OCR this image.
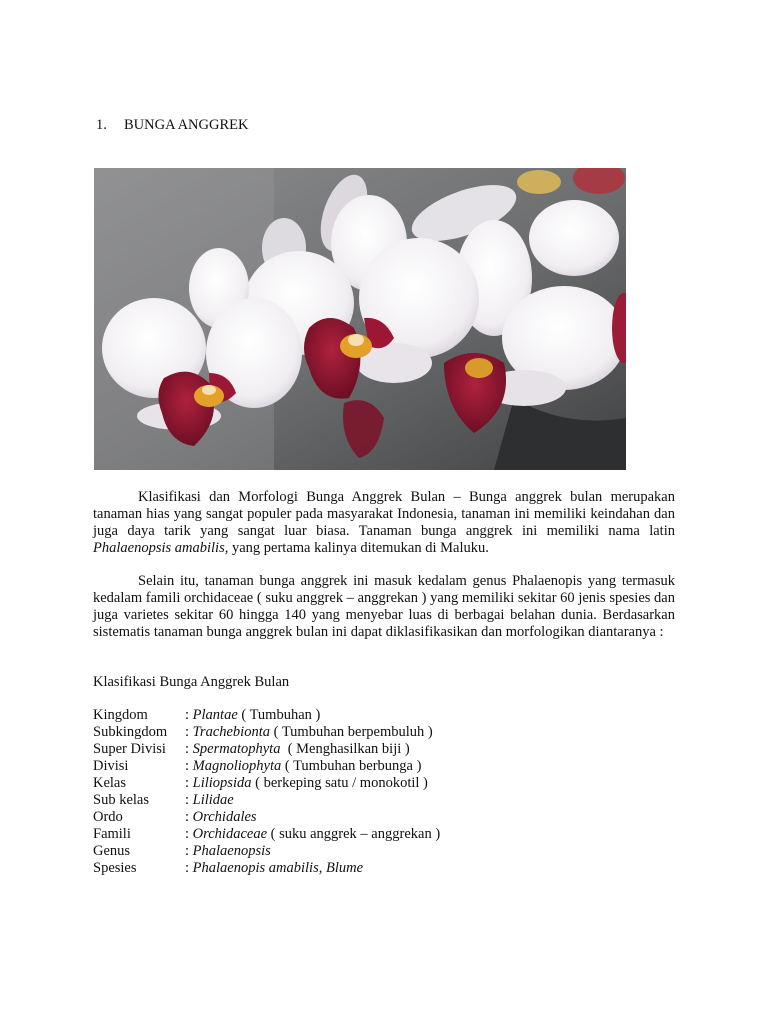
1. BUNGA ANGGREK

Klasifikasi dan Morfologi Bunga Anggrek Bulan – Bunga anggrek bulan merupakan tanaman hias yang sangat populer pada masyarakat Indonesia, tanaman ini memiliki keindahan dan juga daya tarik yang sangat luar biasa. Tanaman bunga anggrek ini memiliki nama latin Phalaenopsis amabilis, yang pertama kalinya ditemukan di Maluku.

Selain itu, tanaman bunga anggrek ini masuk kedalam genus Phalaenopis yang termasuk kedalam famili orchidaceae ( suku anggrek – anggrekan ) yang memiliki sekitar 60 jenis spesies dan juga varietes sekitar 60 hingga 140 yang menyebar luas di berbagai belahan dunia. Berdasarkan sistematis tanaman bunga anggrek bulan ini dapat diklasifikasikan dan morfologikan diantaranya :

Klasifikasi Bunga Anggrek Bulan
Kingdom	: Plantae ( Tumbuhan )
Subkingdom : Trachebionta ( Tumbuhan berpembuluh )
Super Divisi : Spermatophyta  ( Menghasilkan biji )
Divisi	: Magnoliophyta ( Tumbuhan berbunga )
Kelas	: Liliopsida ( berkeping satu / monokotil )
Sub kelas : Lilidae
Ordo	: Orchidales
Famili	: Orchidaceae ( suku anggrek – anggrekan )
Genus	: Phalaenopsis
Spesies	: Phalaenopis amabilis, Blume
